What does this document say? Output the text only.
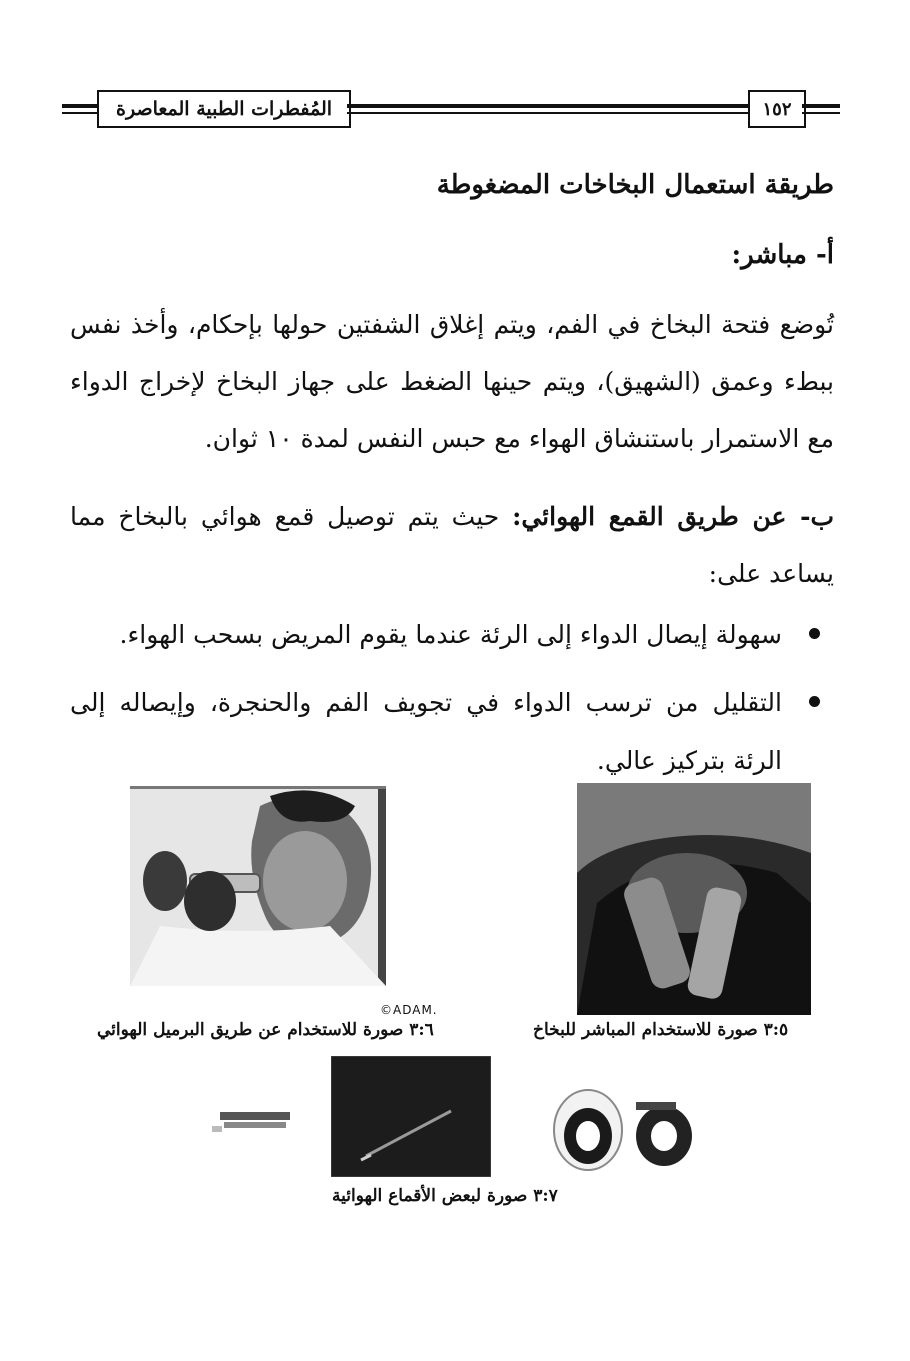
المُفطرات الطبية المعاصرة	١٥٢
طريقة استعمال البخاخات المضغوطة
أ- مباشر:
تُوضع فتحة البخاخ في الفم، ويتم إغلاق الشفتين حولها بإحكام، وأخذ نفس ببطء وعمق (الشهيق)، ويتم حينها الضغط على جهاز البخاخ لإخراج الدواء مع الاستمرار باستنشاق الهواء مع حبس النفس لمدة ١٠ ثوان.
ب- عن طريق القمع الهوائي: حيث يتم توصيل قمع هوائي بالبخاخ مما يساعد على:
سهولة إيصال الدواء إلى الرئة عندما يقوم المريض بسحب الهواء.
التقليل من ترسب الدواء في تجويف الفم والحنجرة، وإيصاله إلى الرئة بتركيز عالي.
©ADAM.
٣:٦ صورة للاستخدام عن طريق البرميل الهوائي	٣:٥ صورة للاستخدام المباشر للبخاخ
٣:٧ صورة لبعض الأقماع الهوائية
